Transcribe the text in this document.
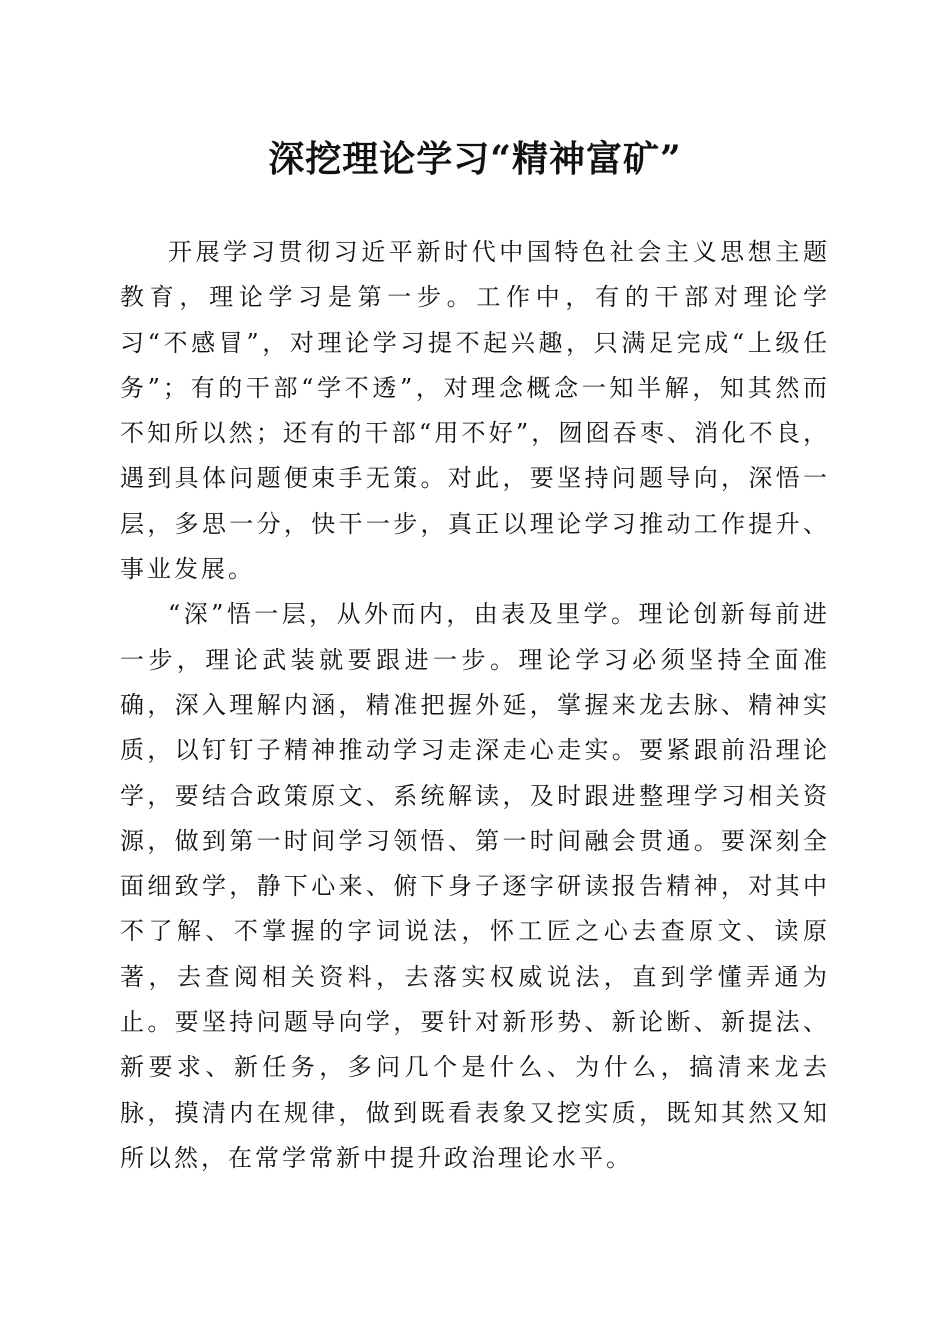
深挖理论学习“精神富矿”

开展学习贯彻习近平新时代中国特色社会主义思想主题教育，理论学习是第一步。工作中，有的干部对理论学习“不感冒”，对理论学习提不起兴趣，只满足完成“上级任务”；有的干部“学不透”，对理念概念一知半解，知其然而不知所以然；还有的干部“用不好”，囫囵吞枣、消化不良，遇到具体问题便束手无策。对此，要坚持问题导向，深悟一层，多思一分，快干一步，真正以理论学习推动工作提升、事业发展。

“深”悟一层，从外而内，由表及里学。理论创新每前进一步，理论武装就要跟进一步。理论学习必须坚持全面准确，深入理解内涵，精准把握外延，掌握来龙去脉、精神实质，以钉钉子精神推动学习走深走心走实。要紧跟前沿理论学，要结合政策原文、系统解读，及时跟进整理学习相关资源，做到第一时间学习领悟、第一时间融会贯通。要深刻全面细致学，静下心来、俯下身子逐字研读报告精神，对其中不了解、不掌握的字词说法，怀工匠之心去查原文、读原著，去查阅相关资料，去落实权威说法，直到学懂弄通为止。要坚持问题导向学，要针对新形势、新论断、新提法、新要求、新任务，多问几个是什么、为什么，搞清来龙去脉，摸清内在规律，做到既看表象又挖实质，既知其然又知所以然，在常学常新中提升政治理论水平。
